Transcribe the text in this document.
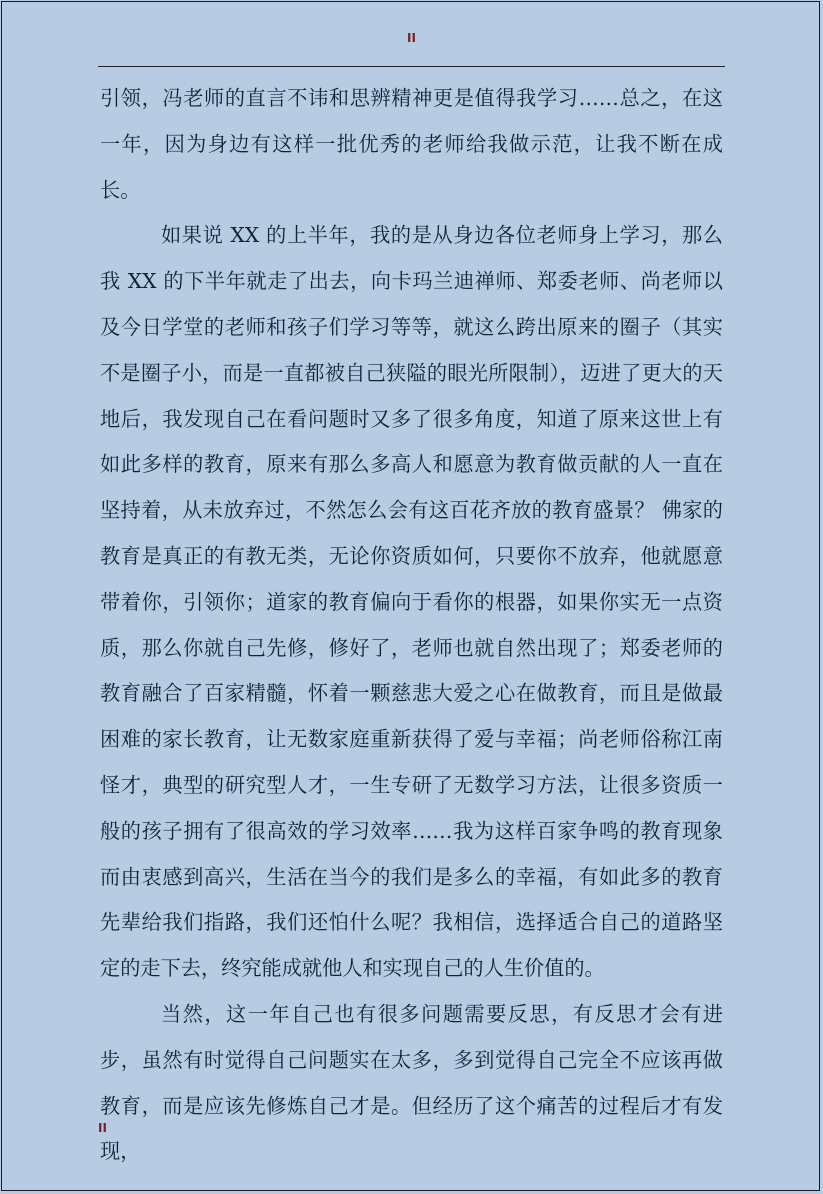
II

引领，冯老师的直言不讳和思辨精神更是值得我学习……总之，在这一年，因为身边有这样一批优秀的老师给我做示范，让我不断在成长。

如果说 XX 的上半年，我的是从身边各位老师身上学习，那么我 XX 的下半年就走了出去，向卡玛兰迪禅师、郑委老师、尚老师以及今日学堂的老师和孩子们学习等等，就这么跨出原来的圈子（其实不是圈子小，而是一直都被自己狭隘的眼光所限制），迈进了更大的天地后，我发现自己在看问题时又多了很多角度，知道了原来这世上有如此多样的教育，原来有那么多高人和愿意为教育做贡献的人一直在坚持着，从未放弃过，不然怎么会有这百花齐放的教育盛景？ 佛家的教育是真正的有教无类，无论你资质如何，只要你不放弃，他就愿意带着你，引领你；道家的教育偏向于看你的根器，如果你实无一点资质，那么你就自己先修，修好了，老师也就自然出现了；郑委老师的教育融合了百家精髓，怀着一颗慈悲大爱之心在做教育，而且是做最困难的家长教育，让无数家庭重新获得了爱与幸福；尚老师俗称江南怪才，典型的研究型人才，一生专研了无数学习方法，让很多资质一般的孩子拥有了很高效的学习效率……我为这样百家争鸣的教育现象而由衷感到高兴，生活在当今的我们是多么的幸福，有如此多的教育先辈给我们指路，我们还怕什么呢？我相信，选择适合自己的道路坚定的走下去，终究能成就他人和实现自己的人生价值的。

当然，这一年自己也有很多问题需要反思，有反思才会有进步，虽然有时觉得自己问题实在太多，多到觉得自己完全不应该再做教育，而是应该先修炼自己才是。但经历了这个痛苦的过程后才有发现，

II
